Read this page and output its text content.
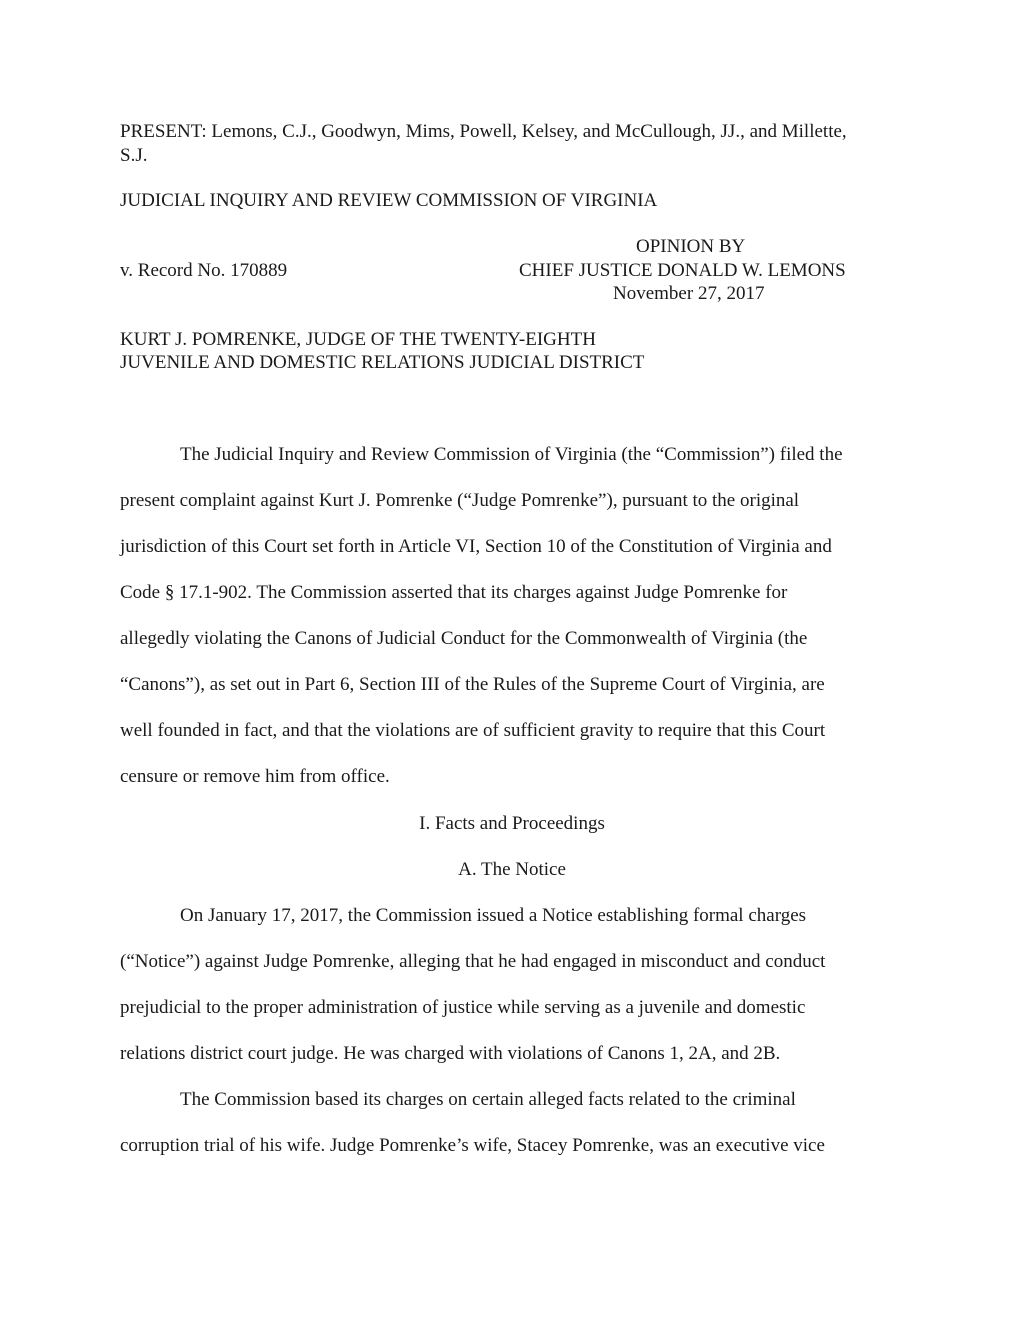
PRESENT: Lemons, C.J., Goodwyn, Mims, Powell, Kelsey, and McCullough, JJ., and Millette,
S.J.
JUDICIAL INQUIRY AND REVIEW COMMISSION OF VIRGINIA
OPINION BY
v. Record No. 170889	CHIEF JUSTICE DONALD W. LEMONS
November 27, 2017
KURT J. POMRENKE, JUDGE OF THE TWENTY-EIGHTH
JUVENILE AND DOMESTIC RELATIONS JUDICIAL DISTRICT
The Judicial Inquiry and Review Commission of Virginia (the “Commission”) filed the
present complaint against Kurt J. Pomrenke (“Judge Pomrenke”), pursuant to the original
jurisdiction of this Court set forth in Article VI, Section 10 of the Constitution of Virginia and
Code § 17.1-902. The Commission asserted that its charges against Judge Pomrenke for
allegedly violating the Canons of Judicial Conduct for the Commonwealth of Virginia (the
“Canons”), as set out in Part 6, Section III of the Rules of the Supreme Court of Virginia, are
well founded in fact, and that the violations are of sufficient gravity to require that this Court
censure or remove him from office.
I. Facts and Proceedings
A. The Notice
On January 17, 2017, the Commission issued a Notice establishing formal charges
(“Notice”) against Judge Pomrenke, alleging that he had engaged in misconduct and conduct
prejudicial to the proper administration of justice while serving as a juvenile and domestic
relations district court judge. He was charged with violations of Canons 1, 2A, and 2B.
The Commission based its charges on certain alleged facts related to the criminal
corruption trial of his wife. Judge Pomrenke’s wife, Stacey Pomrenke, was an executive vice
